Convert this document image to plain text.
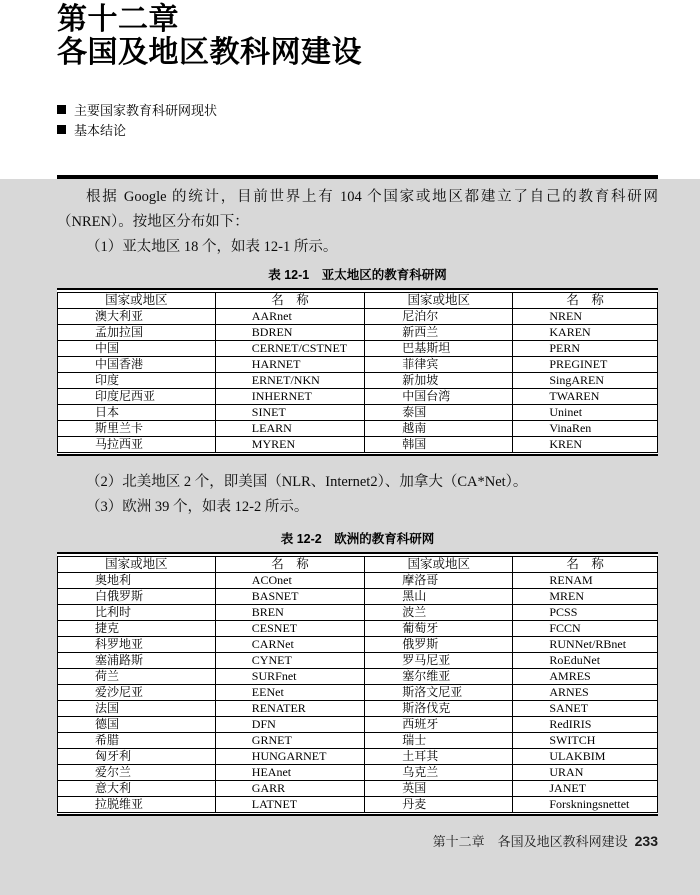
第十二章
各国及地区教科网建设
主要国家教育科研网现状
基本结论

根据 Google 的统计，目前世界上有 104 个国家或地区都建立了自己的教育科研网（NREN）。按地区分布如下：

（1）亚太地区 18 个，如表 12-1 所示。

表 12-1　亚太地区的教育科研网
国家或地区	名　称	国家或地区	名　称
澳大利亚	AARnet	尼泊尔	NREN
孟加拉国	BDREN	新西兰	KAREN
中国	CERNET/CSTNET	巴基斯坦	PERN
中国香港	HARNET	菲律宾	PREGINET
印度	ERNET/NKN	新加坡	SingAREN
印度尼西亚	INHERNET	中国台湾	TWAREN
日本	SINET	泰国	Uninet
斯里兰卡	LEARN	越南	VinaRen
马拉西亚	MYREN	韩国	KREN

（2）北美地区 2 个，即美国（NLR、Internet2）、加拿大（CA*Net）。

（3）欧洲 39 个，如表 12-2 所示。

表 12-2　欧洲的教育科研网
国家或地区	名　称	国家或地区	名　称
奥地利	ACOnet	摩洛哥	RENAM
白俄罗斯	BASNET	黑山	MREN
比利时	BREN	波兰	PCSS
捷克	CESNET	葡萄牙	FCCN
科罗地亚	CARNet	俄罗斯	RUNNet/RBnet
塞浦路斯	CYNET	罗马尼亚	RoEduNet
荷兰	SURFnet	塞尔维亚	AMRES
爱沙尼亚	EENet	斯洛文尼亚	ARNES
法国	RENATER	斯洛伐克	SANET
德国	DFN	西班牙	RedIRIS
希腊	GRNET	瑞士	SWITCH
匈牙利	HUNGARNET	土耳其	ULAKBIM
爱尔兰	HEAnet	乌克兰	URAN
意大利	GARR	英国	JANET
拉脱维亚	LATNET	丹麦	Forskningsnettet
第十二章　各国及地区教科网建设 233
